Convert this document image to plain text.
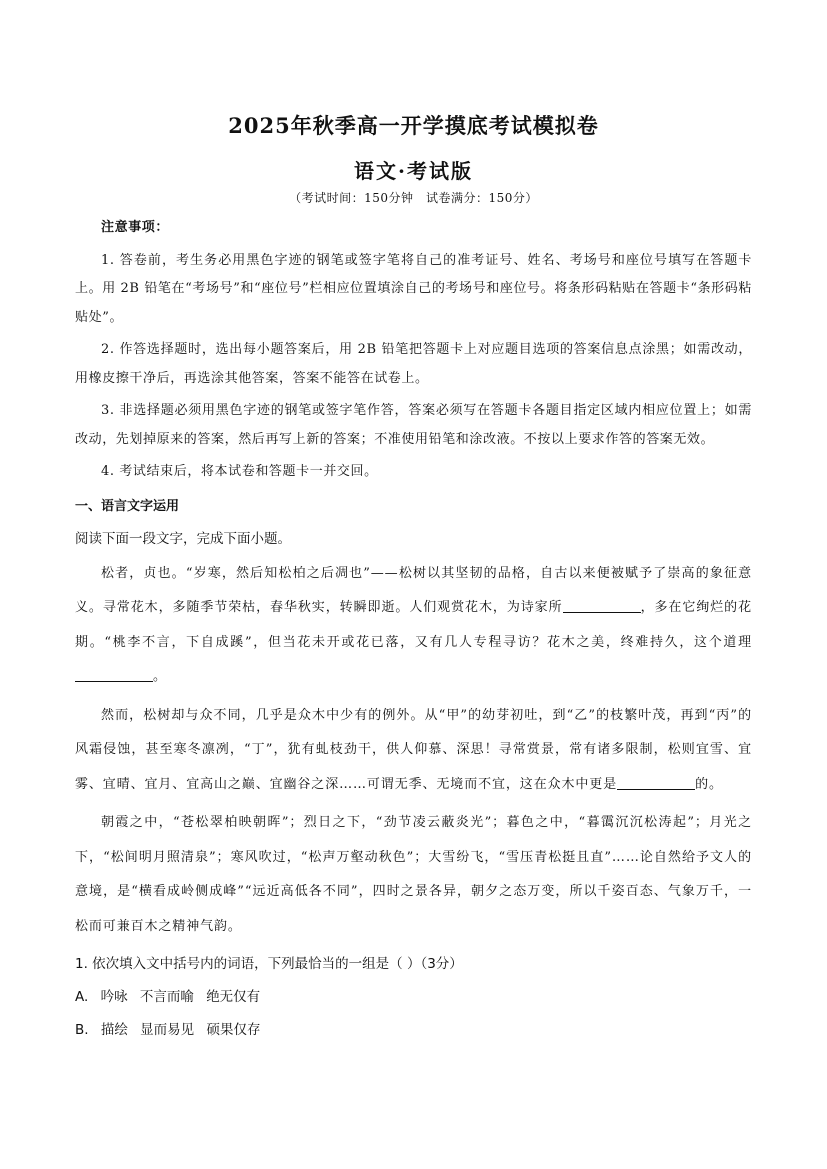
2025年秋季高一开学摸底考试模拟卷
语文·考试版
（考试时间：150分钟　试卷满分：150分）

注意事项：

1. 答卷前，考生务必用黑色字迹的钢笔或签字笔将自己的准考证号、姓名、考场号和座位号填写在答题卡上。用 2B 铅笔在“考场号”和“座位号”栏相应位置填涂自己的考场号和座位号。将条形码粘贴在答题卡“条形码粘贴处”。

2. 作答选择题时，选出每小题答案后，用 2B 铅笔把答题卡上对应题目选项的答案信息点涂黑；如需改动，用橡皮擦干净后，再选涂其他答案，答案不能答在试卷上。

3. 非选择题必须用黑色字迹的钢笔或签字笔作答，答案必须写在答题卡各题目指定区域内相应位置上；如需改动，先划掉原来的答案，然后再写上新的答案；不准使用铅笔和涂改液。不按以上要求作答的答案无效。

4. 考试结束后，将本试卷和答题卡一并交回。

一、语言文字运用
阅读下面一段文字，完成下面小题。

松者，贞也。“岁寒，然后知松柏之后凋也”——松树以其坚韧的品格，自古以来便被赋予了崇高的象征意义。寻常花木，多随季节荣枯，春华秋实，转瞬即逝。人们观赏花木，为诗家所	，多在它绚烂的花期。“桃李不言，下自成蹊”，但当花未开或花已落，又有几人专程寻访？花木之美，终难持久，这个道理。

然而，松树却与众不同，几乎是众木中少有的例外。从“甲”的幼芽初吐，到“乙”的枝繁叶茂，再到“丙”的风霜侵蚀，甚至寒冬凛冽，“丁”，犹有虬枝劲干，供人仰慕、深思！寻常赏景，常有诸多限制，松则宜雪、宜雾、宜晴、宜月、宜高山之巅、宜幽谷之深……可谓无季、无境而不宜，这在众木中更是	的。

朝霞之中，“苍松翠柏映朝晖”；烈日之下，“劲节凌云蔽炎光”；暮色之中，“暮霭沉沉松涛起”；月光之下，“松间明月照清泉”；寒风吹过，“松声万壑动秋色”；大雪纷飞，“雪压青松挺且直”……论自然给予文人的意境，是“横看成岭侧成峰”“远近高低各不同”，四时之景各异，朝夕之态万变，所以千姿百态、气象万千，一松而可兼百木之精神气韵。

1. 依次填入文中括号内的词语，下列最恰当的一组是（ ）（3分）
A. 吟咏 不言而喻 绝无仅有
B. 描绘 显而易见 硕果仅存
